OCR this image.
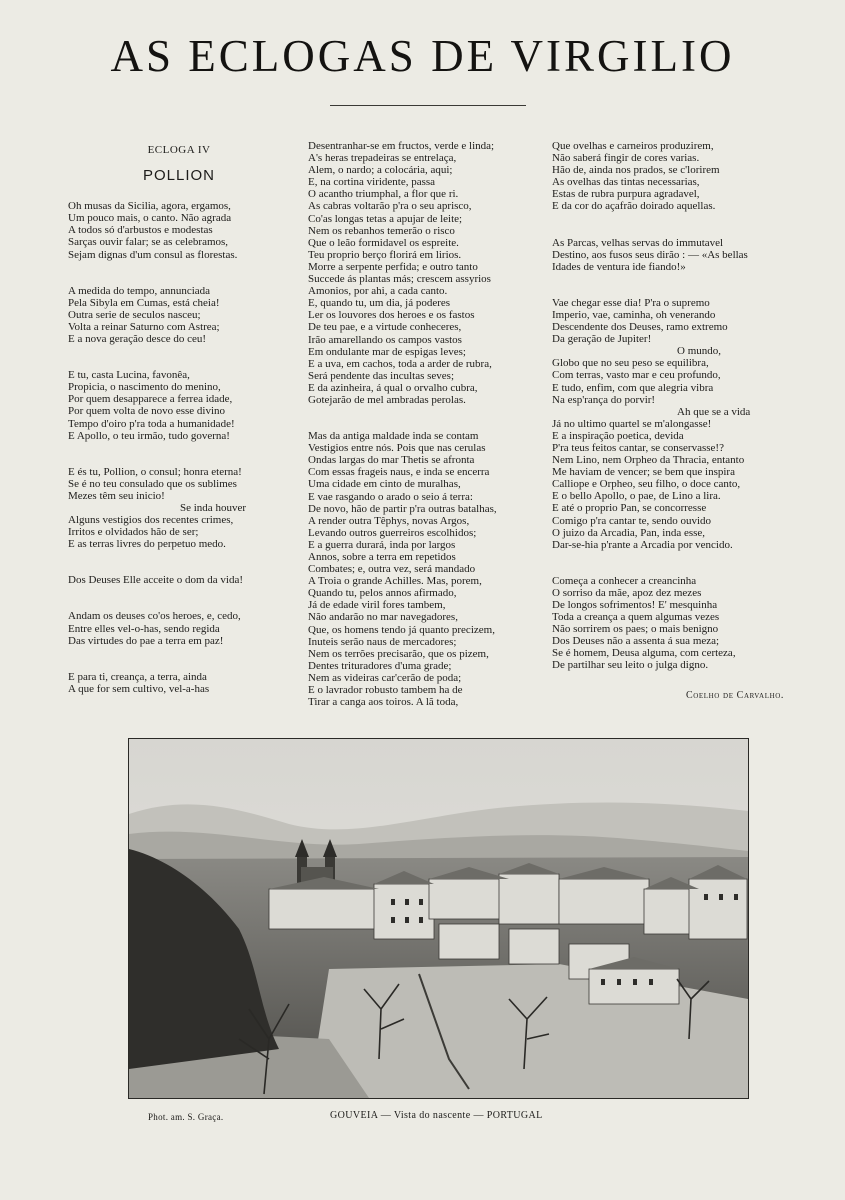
AS ECLOGAS DE VIRGILIO
ECLOGA IV
POLLION
Oh musas da Sicilia, agora, ergamos,
Um pouco mais, o canto. Não agrada
A todos só d'arbustos e modestas
Sarças ouvir falar; se as celebramos,
Sejam dignas d'um consul as florestas.
A medida do tempo, annunciada
Pela Sibyla em Cumas, está cheia!
Outra serie de seculos nasceu;
Volta a reinar Saturno com Astrea;
E a nova geração desce do ceu!
E tu, casta Lucina, favonêa,
Propicia, o nascimento do menino,
Por quem desapparece a ferrea idade,
Por quem volta de novo esse divino
Tempo d'oiro p'ra toda a humanidade!
E Apollo, o teu irmão, tudo governa!
E és tu, Pollion, o consul; honra eterna!
Se é no teu consulado que os sublimes
Mezes têm seu inicio!
Se inda houver
Alguns vestigios dos recentes crimes,
Irritos e olvidados hão de ser;
E as terras livres do perpetuo medo.
Dos Deuses Elle acceite o dom da vida!
Andam os deuses co'os heroes, e, cedo,
Entre elles vel-o-has, sendo regida
Das virtudes do pae a terra em paz!
E para ti, creança, a terra, ainda
A que for sem cultivo, vel-a-has
Desentranhar-se em fructos, verde e linda;
A's heras trepadeiras se entrelaça,
Alem, o nardo; a colocária, aqui;
E, na cortina viridente, passa
O acantho triumphal, a flor que ri.
As cabras voltarão p'ra o seu aprisco,
Co'as longas tetas a apujar de leite;
Nem os rebanhos temerão o risco
Que o leão formidavel os espreite.
Teu proprio berço florirá em lirios.
Morre a serpente perfida; e outro tanto
Succede ás plantas más; crescem assyrios
Amonios, por ahi, a cada canto.
E, quando tu, um dia, já poderes
Ler os louvores dos heroes e os fastos
De teu pae, e a virtude conheceres,
Irão amarellando os campos vastos
Em ondulante mar de espigas leves;
E a uva, em cachos, toda a arder de rubra,
Será pendente das incultas seves;
E da azinheira, á qual o orvalho cubra,
Gotejarão de mel ambradas perolas.
Mas da antiga maldade inda se contam
Vestigios entre nós. Pois que nas cerulas
Ondas largas do mar Thetis se afronta
Com essas frageis naus, e inda se encerra
Uma cidade em cinto de muralhas,
E vae rasgando o arado o seio á terra:
De novo, hão de partir p'ra outras batalhas,
A render outra Têphys, novas Argos,
Levando outros guerreiros escolhidos;
E a guerra durará, inda por largos
Annos, sobre a terra em repetidos
Combates; e, outra vez, será mandado
A Troia o grande Achilles. Mas, porem,
Quando tu, pelos annos afirmado,
Já de edade viril fores tambem,
Não andarão no mar navegadores,
Que, os homens tendo já quanto precizem,
Inuteis serão naus de mercadores;
Nem os terrões precisarão, que os pizem,
Dentes trituradores d'uma grade;
Nem as videiras car'cerão de poda;
E o lavrador robusto tambem ha de
Tirar a canga aos toiros. A lã toda,
Que ovelhas e carneiros produzirem,
Não saberá fingir de cores varias.
Hão de, ainda nos prados, se c'lorirem
As ovelhas das tintas necessarias,
Estas de rubra purpura agradavel,
E da cor do açafrão doirado aquellas.
As Parcas, velhas servas do immutavel
Destino, aos fusos seus dirão : — «As bellas
Idades de ventura ide fiando!»
Vae chegar esse dia! P'ra o supremo
Imperio, vae, caminha, oh venerando
Descendente dos Deuses, ramo extremo
Da geração de Jupiter!
O mundo,
Globo que no seu peso se equilibra,
Com terras, vasto mar e ceu profundo,
E tudo, enfim, com que alegria vibra
Na esp'rança do porvir!
Ah que se a vida
Já no ultimo quartel se m'alongasse!
E a inspiração poetica, devida
P'ra teus feitos cantar, se conservasse!?
Nem Lino, nem Orpheo da Thracia, entanto
Me haviam de vencer; se bem que inspira
Calliope e Orpheo, seu filho, o doce canto,
E o bello Apollo, o pae, de Lino a lira.
E até o proprio Pan, se concorresse
Comigo p'ra cantar te, sendo ouvido
O juizo da Arcadia, Pan, inda esse,
Dar-se-hia p'rante a Arcadia por vencido.
Começa a conhecer a creancinha
O sorriso da mãe, apoz dez mezes
De longos sofrimentos! E' mesquinha
Toda a creança a quem algumas vezes
Não sorrirem os paes; o mais benigno
Dos Deuses não a assenta á sua meza;
Se é homem, Deusa alguma, com certeza,
De partilhar seu leito o julga digno.
Coelho de Carvalho.
Phot. am. S. Graça.	GOUVEIA — Vista do nascente — PORTUGAL
